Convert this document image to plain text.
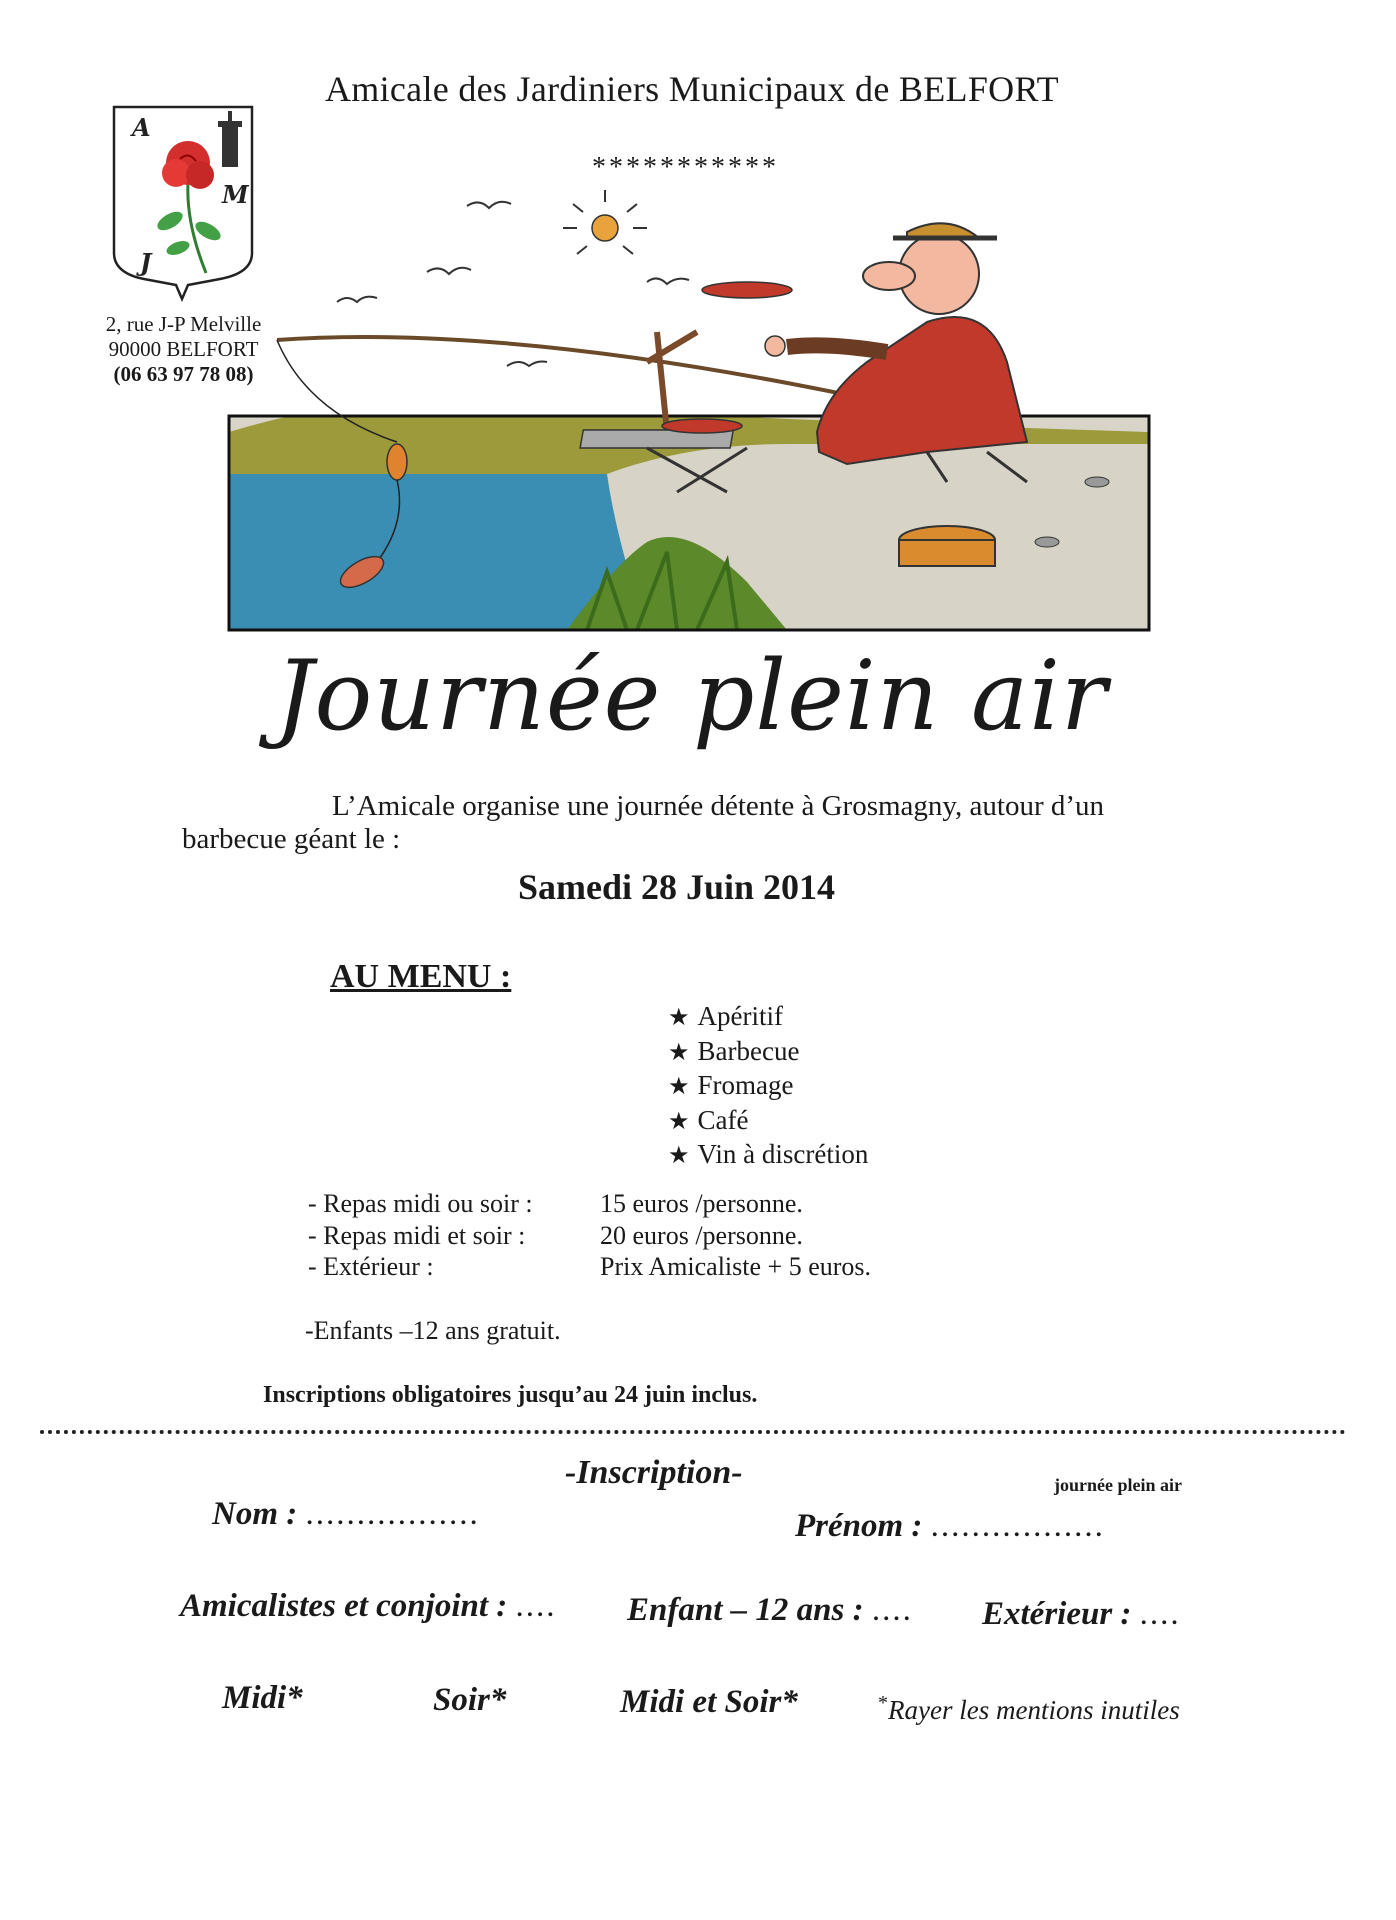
Amicale des Jardiniers Municipaux de BELFORT
***********
A
M
J
2, rue J-P Melville
90000 BELFORT
(06 63 97 78 08)
Journée plein air
L’Amicale organise une journée détente à Grosmagny, autour d’un
barbecue géant le :
Samedi 28 Juin 2014
AU MENU :
★ Apéritif
★ Barbecue
★ Fromage
★ Café
★ Vin à discrétion
- Repas midi ou soir :	15 euros /personne.
- Repas midi et soir :	20 euros /personne.
- Extérieur :	Prix Amicaliste + 5 euros.
-Enfants –12 ans gratuit.
Inscriptions obligatoires jusqu’au 24 juin inclus.
-Inscription-	journée plein air
Nom : .................	Prénom : .................
Amicalistes et conjoint : .... Enfant – 12 ans : .... Extérieur : ....
Midi*	Soir*	Midi et Soir*	*Rayer les mentions inutiles
